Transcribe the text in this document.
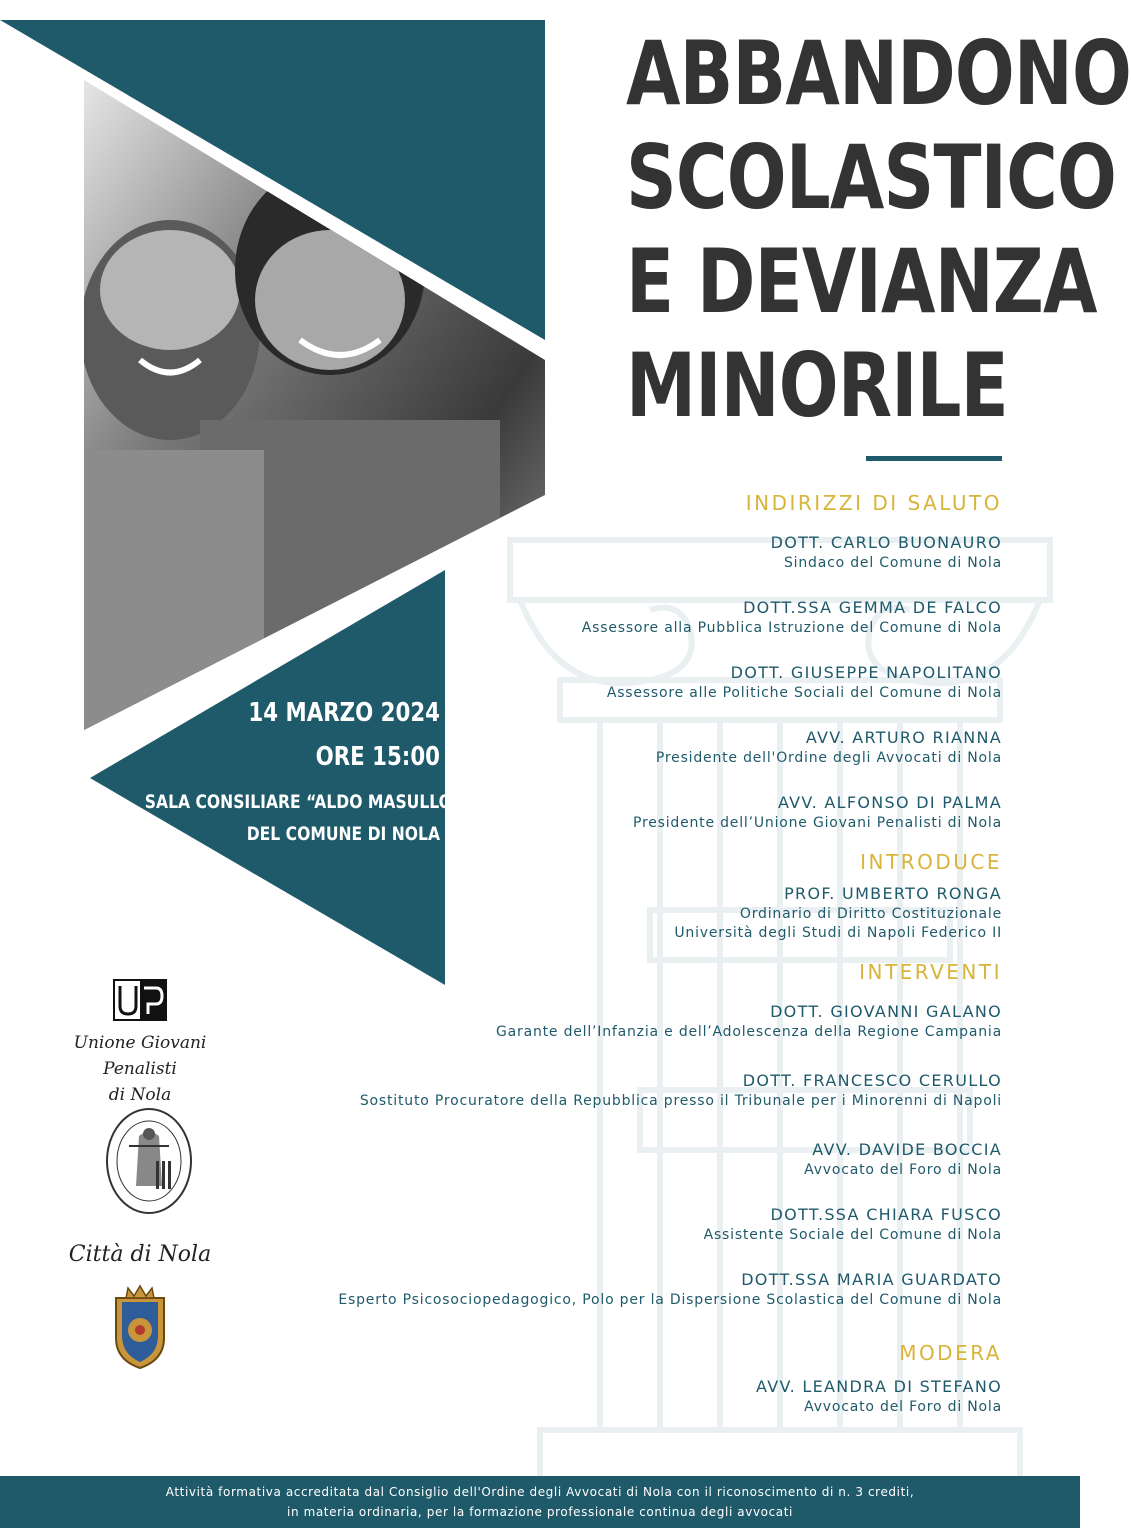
ABBANDONO
SCOLASTICO
E DEVIANZA
MINORILE
14 MARZO 2024
ORE 15:00
SALA CONSILIARE “ALDO MASULLO”
DEL COMUNE DI NOLA
INDIRIZZI DI SALUTO
DOTT. CARLO BUONAURO
Sindaco del Comune di Nola
DOTT.SSA GEMMA DE FALCO
Assessore alla Pubblica Istruzione del Comune di Nola
DOTT. GIUSEPPE NAPOLITANO
Assessore alle Politiche Sociali del Comune di Nola
AVV. ARTURO RIANNA
Presidente dell'Ordine degli Avvocati di Nola
AVV. ALFONSO DI PALMA
Presidente dell’Unione Giovani Penalisti di Nola
INTRODUCE
PROF. UMBERTO RONGA
Ordinario di Diritto Costituzionale
Università degli Studi di Napoli Federico II
INTERVENTI
DOTT. GIOVANNI GALANO
Garante dell’Infanzia e dell’Adolescenza della Regione Campania
DOTT. FRANCESCO CERULLO
Sostituto Procuratore della Repubblica presso il Tribunale per i Minorenni di Napoli
AVV. DAVIDE BOCCIA
Avvocato del Foro di Nola
DOTT.SSA CHIARA FUSCO
Assistente Sociale del Comune di Nola
DOTT.SSA MARIA GUARDATO
Esperto Psicosociopedagogico, Polo per la Dispersione Scolastica del Comune di Nola
MODERA
AVV. LEANDRA DI STEFANO
Avvocato del Foro di Nola
Unione Giovani Penalisti
di Nola
Città di Nola
Attività formativa accreditata dal Consiglio dell'Ordine degli Avvocati di Nola con il riconoscimento di n. 3 crediti,
in materia ordinaria, per la formazione professionale continua degli avvocati
